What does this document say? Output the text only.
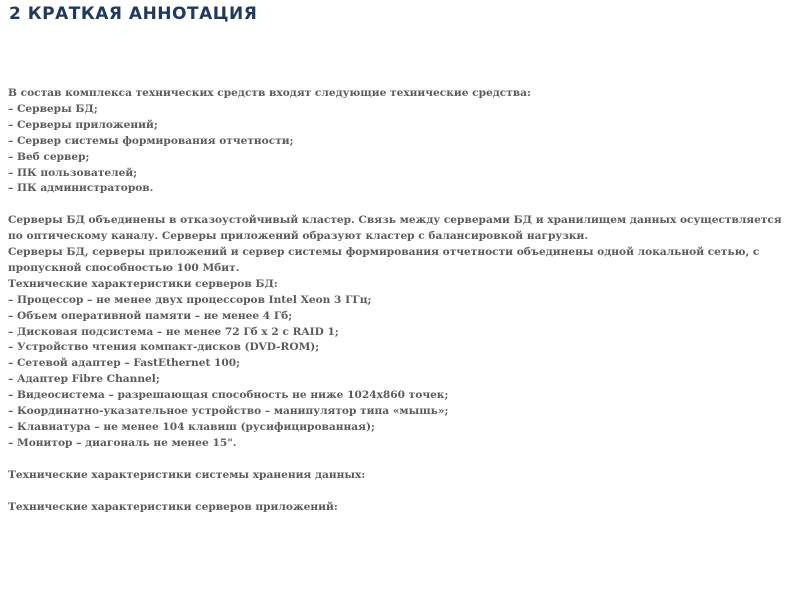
2 КРАТКАЯ АННОТАЦИЯ
В состав комплекса технических средств входят следующие технические средства:
– Серверы БД;
– Серверы приложений;
– Сервер системы формирования отчетности;
– Веб сервер;
– ПК пользователей;
– ПК администраторов.
Серверы БД объединены в отказоустойчивый кластер. Связь между серверами БД и хранилищем данных осуществляется по оптическому каналу. Серверы приложений образуют кластер с балансировкой нагрузки.
Серверы БД, серверы приложений и сервер системы формирования отчетности объединены одной локальной сетью, с пропускной способностью 100 Мбит.
Технические характеристики серверов БД:
– Процессор – не менее двух процессоров Intel Xeon 3 ГГц;
– Объем оперативной памяти – не менее 4 Гб;
– Дисковая подсистема – не менее 72 Гб x 2 с RAID 1;
– Устройство чтения компакт-дисков (DVD-ROM);
– Сетевой адаптер – FastEthernet 100;
– Адаптер Fibre Channel;
– Видеосистема – разрешающая способность не ниже 1024x860 точек;
– Координатно-указательное устройство – манипулятор типа «мышь»;
– Клавиатура – не менее 104 клавиш (русифицированная);
– Монитор – диагональ не менее 15".
Технические характеристики системы хранения данных:
Технические характеристики серверов приложений:
